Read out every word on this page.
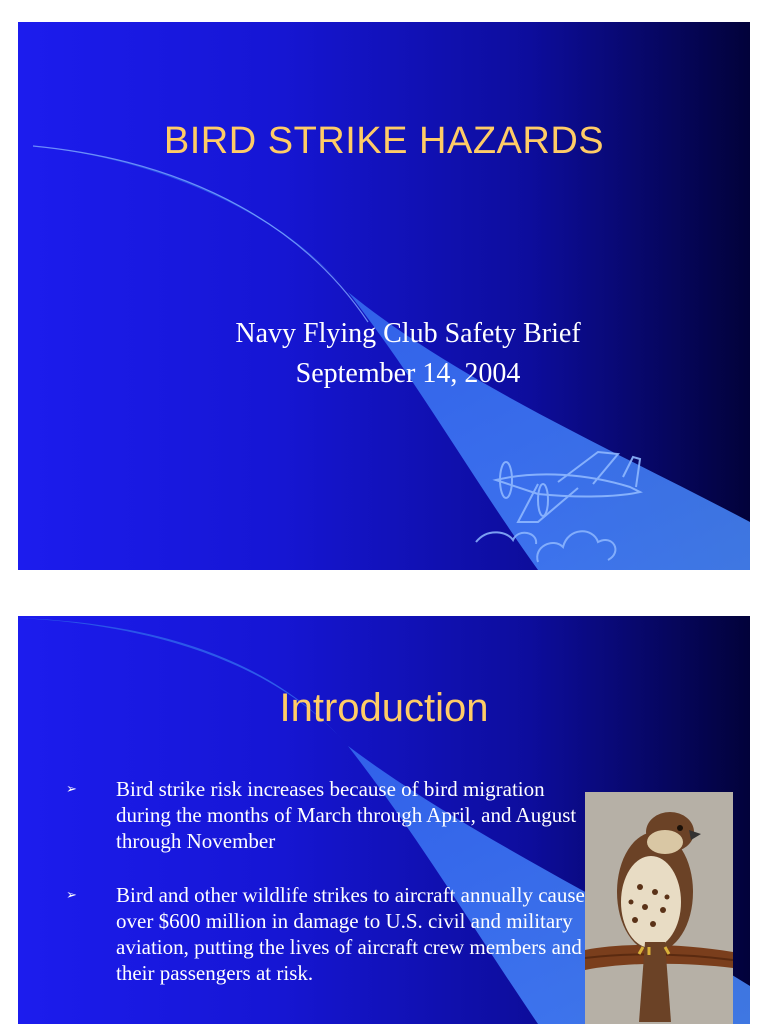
BIRD STRIKE HAZARDS
Navy Flying Club Safety Brief
September 14, 2004
Introduction
➢ Bird strike risk increases because of bird migration during the months of March through April, and August through November
➢ Bird and other wildlife strikes to aircraft annually cause over $600 million in damage to U.S. civil and military aviation, putting the lives of aircraft crew members and their passengers at risk.
